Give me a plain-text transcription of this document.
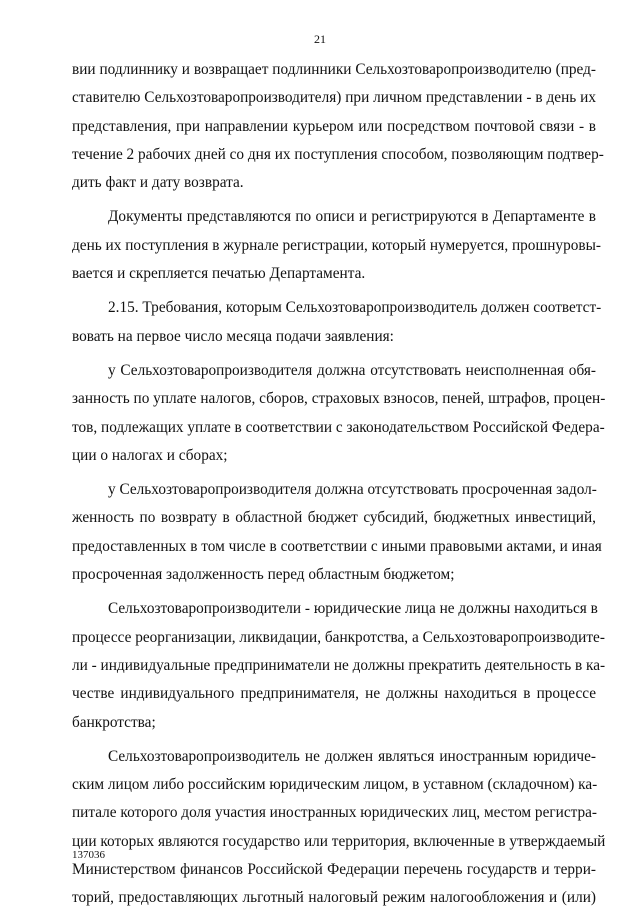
21
вии подлиннику и возвращает подлинники Сельхозтоваропроизводителю (пред-
ставителю Сельхозтоваропроизводителя) при личном представлении - в день их
представления, при направлении курьером или посредством почтовой связи - в
течение 2 рабочих дней со дня их поступления способом, позволяющим подтвер-
дить факт и дату возврата.
Документы представляются по описи и регистрируются в Департаменте в
день их поступления в журнале регистрации, который нумеруется, прошнуровы-
вается и скрепляется печатью Департамента.
2.15. Требования, которым Сельхозтоваропроизводитель должен соответст-
вовать на первое число месяца подачи заявления:
у Сельхозтоваропроизводителя должна отсутствовать неисполненная обя-
занность по уплате налогов, сборов, страховых взносов, пеней, штрафов, процен-
тов, подлежащих уплате в соответствии с законодательством Российской Федера-
ции о налогах и сборах;
у Сельхозтоваропроизводителя должна отсутствовать просроченная задол-
женность по возврату в областной бюджет субсидий, бюджетных инвестиций,
предоставленных в том числе в соответствии с иными правовыми актами, и иная
просроченная задолженность перед областным бюджетом;
Сельхозтоваропроизводители - юридические лица не должны находиться в
процессе реорганизации, ликвидации, банкротства, а Сельхозтоваропроизводите-
ли - индивидуальные предприниматели не должны прекратить деятельность в ка-
честве индивидуального предпринимателя, не должны находиться в процессе
банкротства;
Сельхозтоваропроизводитель не должен являться иностранным юридиче-
ским лицом либо российским юридическим лицом, в уставном (складочном) ка-
питале которого доля участия иностранных юридических лиц, местом регистра-
ции которых являются государство или территория, включенные в утверждаемый
Министерством финансов Российской Федерации перечень государств и терри-
торий, предоставляющих льготный налоговый режим налогообложения и (или)
137036
